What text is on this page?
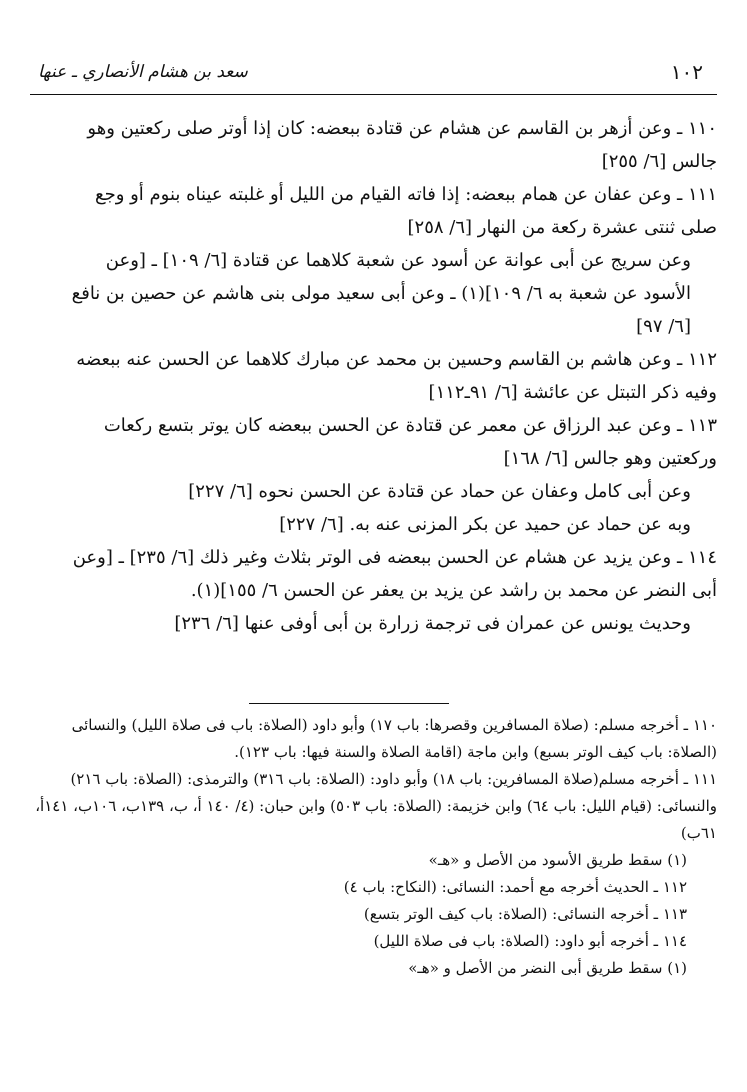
سعد بن هشام الأنصاري ـ عنها	١٠٢

١١٠ ـ وعن أزهر بن القاسم عن هشام عن قتادة ببعضه: كان إذا أوتر صلى ركعتين وهو جالس [٦/ ٢٥٥]

١١١ ـ وعن عفان عن همام ببعضه: إذا فاته القيام من الليل أو غلبته عيناه بنوم أو وجع صلى ثنتى عشرة ركعة من النهار [٦/ ٢٥٨]

وعن سريج عن أبى عوانة عن أسود عن شعبة كلاهما عن قتادة [٦/ ١٠٩] ـ [وعن الأسود عن شعبة به ٦/ ١٠٩](١) ـ وعن أبى سعيد مولى بنى هاشم عن حصين بن نافع [٦/ ٩٧]

١١٢ ـ وعن هاشم بن القاسم وحسين بن محمد عن مبارك كلاهما عن الحسن عنه ببعضه وفيه ذكر التبتل عن عائشة [٦/ ٩١ـ١١٢]

١١٣ ـ وعن عبد الرزاق عن معمر عن قتادة عن الحسن ببعضه كان يوتر بتسع ركعات وركعتين وهو جالس [٦/ ١٦٨]

وعن أبى كامل وعفان عن حماد عن قتادة عن الحسن نحوه [٦/ ٢٢٧]

وبه عن حماد عن حميد عن بكر المزنى عنه به. [٦/ ٢٢٧]

١١٤ ـ وعن يزيد عن هشام عن الحسن ببعضه فى الوتر بثلاث وغير ذلك [٦/ ٢٣٥] ـ [وعن أبى النضر عن محمد بن راشد عن يزيد بن يعفر عن الحسن ٦/ ١٥٥](١).

وحديث يونس عن عمران فى ترجمة زرارة بن أبى أوفى عنها [٦/ ٢٣٦]

١١٠ ـ أخرجه مسلم: (صلاة المسافرين وقصرها: باب ١٧) وأبو داود (الصلاة: باب فى صلاة الليل) والنسائى (الصلاة: باب كيف الوتر بسبع) وابن ماجة (اقامة الصلاة والسنة فيها: باب ١٢٣).

١١١ ـ أخرجه مسلم(صلاة المسافرين: باب ١٨) وأبو داود: (الصلاة: باب ٣١٦) والترمذى: (الصلاة: باب ٢١٦) والنسائى: (قيام الليل: باب ٦٤) وابن خزيمة: (الصلاة: باب ٥٠٣) وابن حبان: (٤/ ١٤٠ أ، ب، ١٣٩ب، ١٠٦ب، ١٤١أ، ٦١ب)

(١) سقط طريق الأسود من الأصل و «هـ»

١١٢ ـ الحديث أخرجه مع أحمد: النسائى: (النكاح: باب ٤)

١١٣ ـ أخرجه النسائى: (الصلاة: باب كيف الوتر بتسع)

١١٤ ـ أخرجه أبو داود: (الصلاة: باب فى صلاة الليل)

(١) سقط طريق أبى النضر من الأصل و «هـ»
